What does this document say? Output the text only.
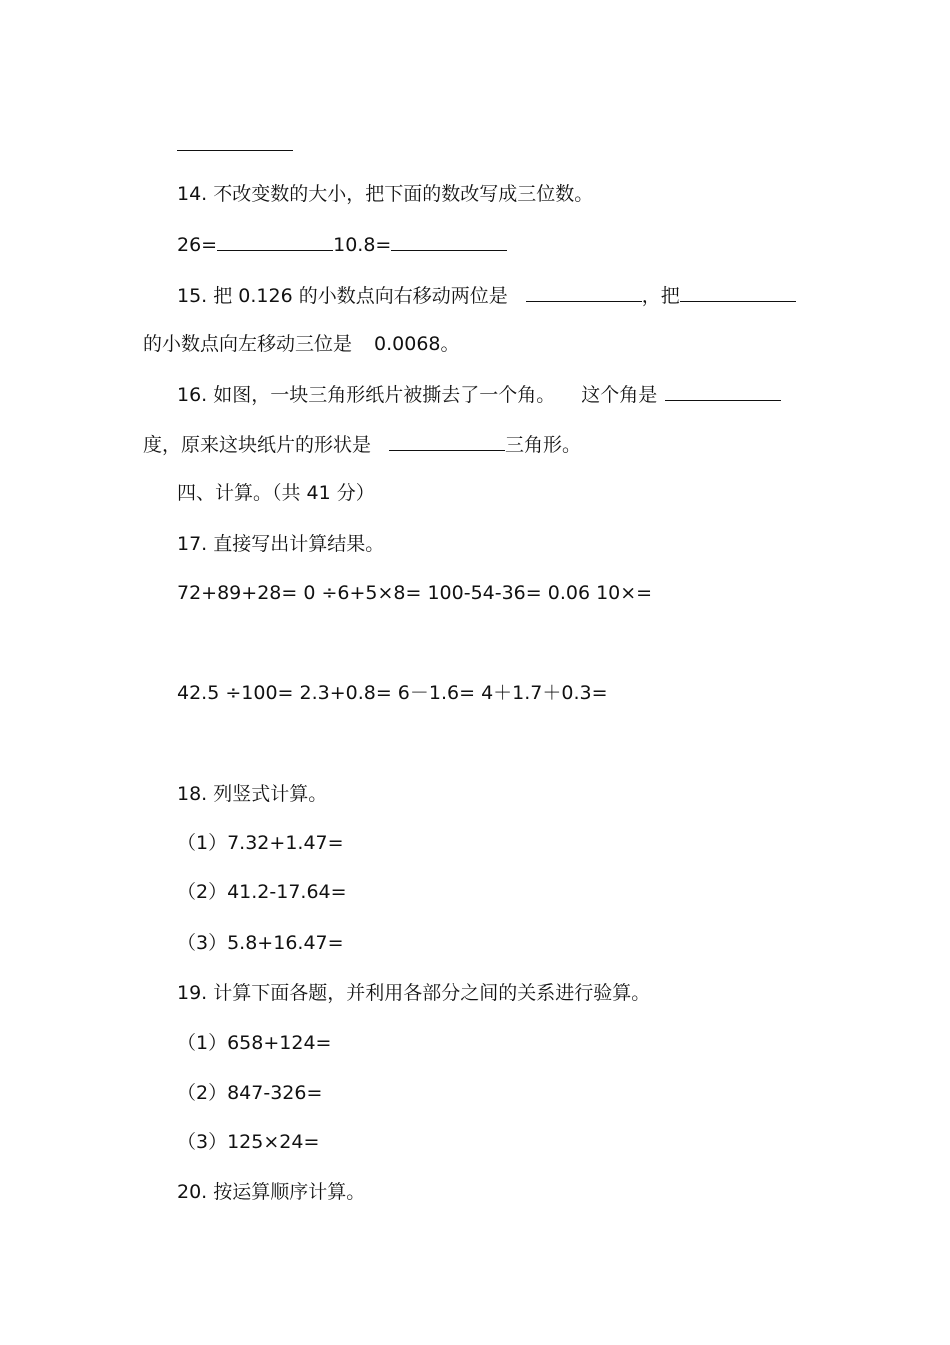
14. 不改变数的大小，把下面的数改写成三位数。
26=	10.8=
15. 把 0.126 的小数点向右移动两位是	，把
的小数点向左移动三位是 0.0068。
16. 如图，一块三角形纸片被撕去了一个角。 这个角是
度，原来这块纸片的形状是	三角形。
四、计算。（共 41 分）
17. 直接写出计算结果。
72+89+28= 0 ÷6+5×8= 100-54-36= 0.06 10×=
42.5 ÷100= 2.3+0.8= 6－1.6= 4＋1.7＋0.3=
18. 列竖式计算。
（1）7.32+1.47=
（2）41.2-17.64=
（3）5.8+16.47=
19. 计算下面各题，并利用各部分之间的关系进行验算。
（1）658+124=
（2）847-326=
（3）125×24=
20. 按运算顺序计算。
